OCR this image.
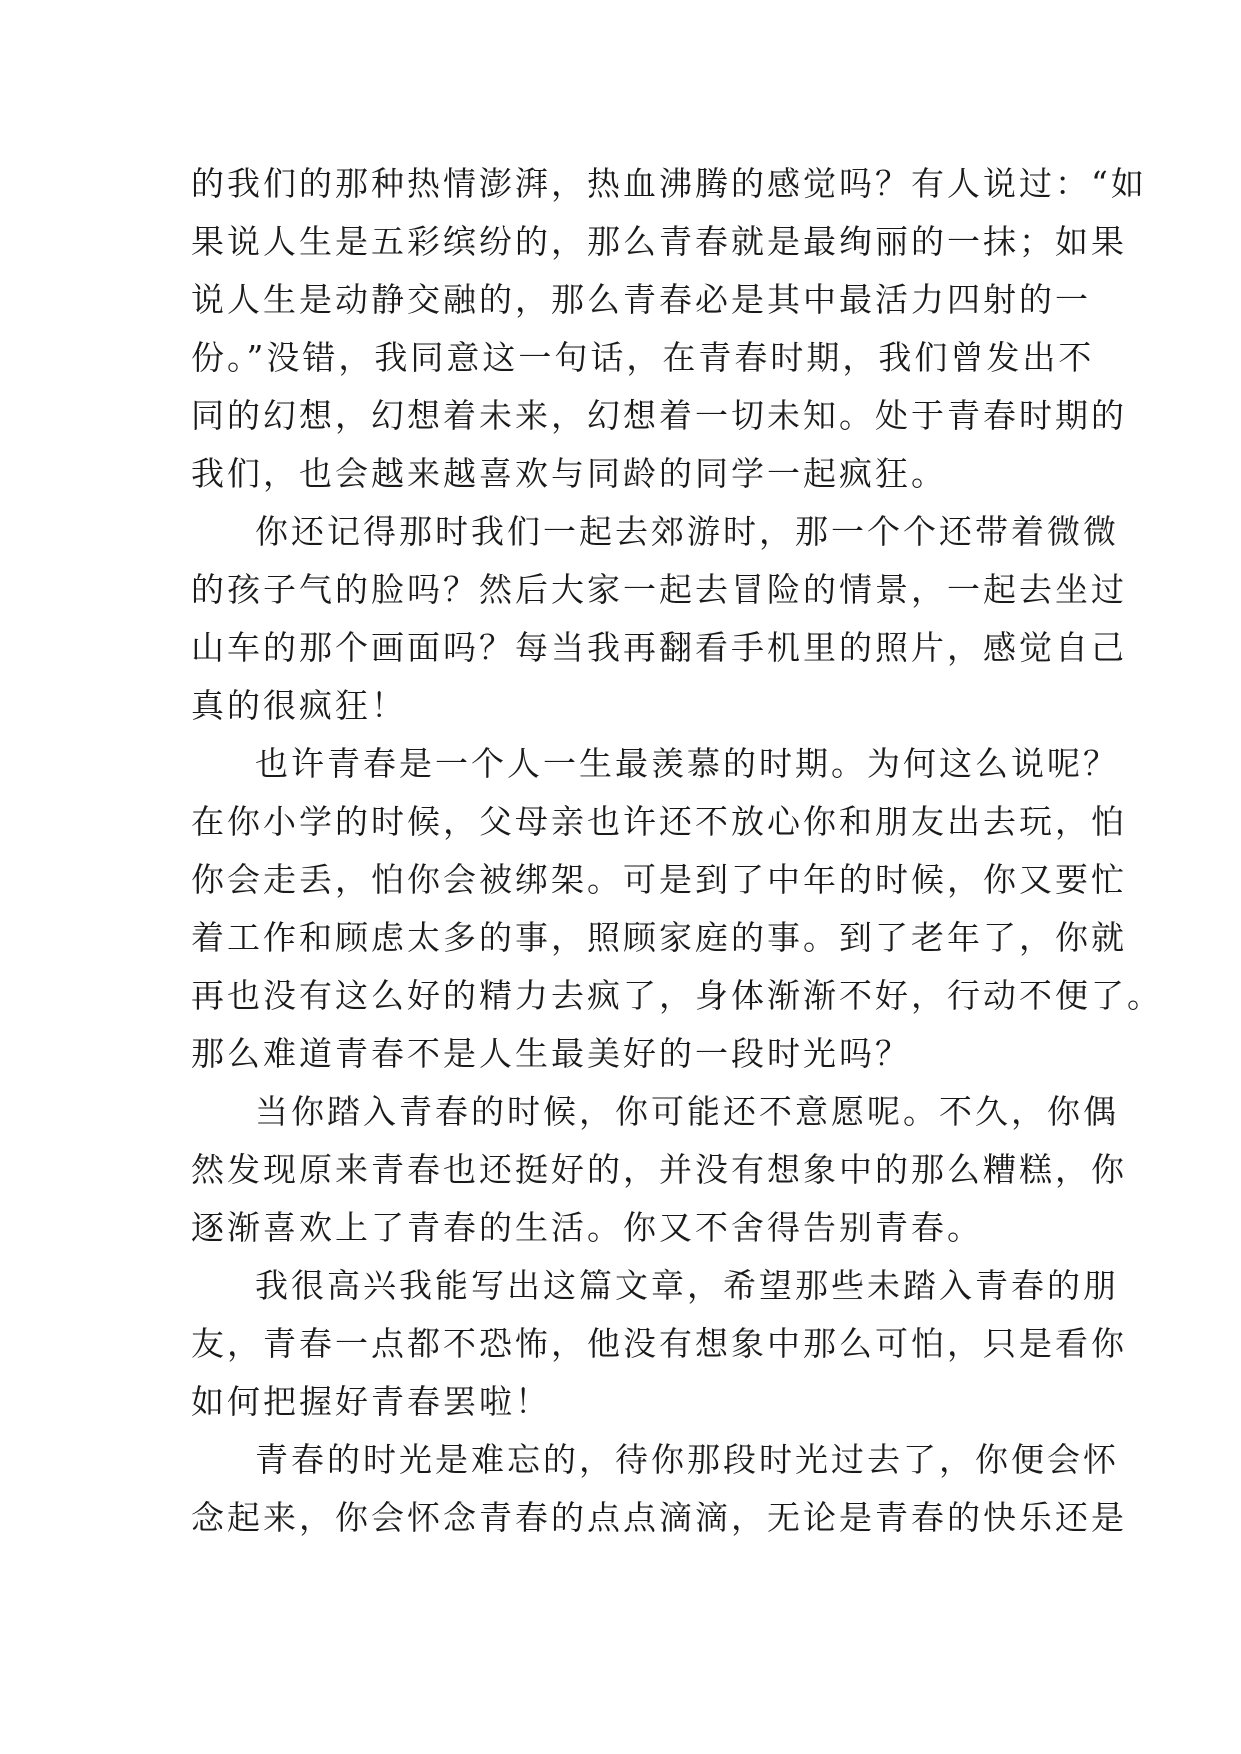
的我们的那种热情澎湃，热血沸腾的感觉吗？有人说过：“如
果说人生是五彩缤纷的，那么青春就是最绚丽的一抹；如果
说人生是动静交融的，那么青春必是其中最活力四射的一
份。”没错，我同意这一句话，在青春时期，我们曾发出不
同的幻想，幻想着未来，幻想着一切未知。处于青春时期的
我们，也会越来越喜欢与同龄的同学一起疯狂。
你还记得那时我们一起去郊游时，那一个个还带着微微
的孩子气的脸吗？然后大家一起去冒险的情景，一起去坐过
山车的那个画面吗？每当我再翻看手机里的照片，感觉自己
真的很疯狂！
也许青春是一个人一生最羡慕的时期。为何这么说呢？
在你小学的时候，父母亲也许还不放心你和朋友出去玩，怕
你会走丢，怕你会被绑架。可是到了中年的时候，你又要忙
着工作和顾虑太多的事，照顾家庭的事。到了老年了，你就
再也没有这么好的精力去疯了，身体渐渐不好，行动不便了。
那么难道青春不是人生最美好的一段时光吗？
当你踏入青春的时候，你可能还不意愿呢。不久，你偶
然发现原来青春也还挺好的，并没有想象中的那么糟糕，你
逐渐喜欢上了青春的生活。你又不舍得告别青春。
我很高兴我能写出这篇文章，希望那些未踏入青春的朋
友，青春一点都不恐怖，他没有想象中那么可怕，只是看你
如何把握好青春罢啦！
青春的时光是难忘的，待你那段时光过去了，你便会怀
念起来，你会怀念青春的点点滴滴，无论是青春的快乐还是
